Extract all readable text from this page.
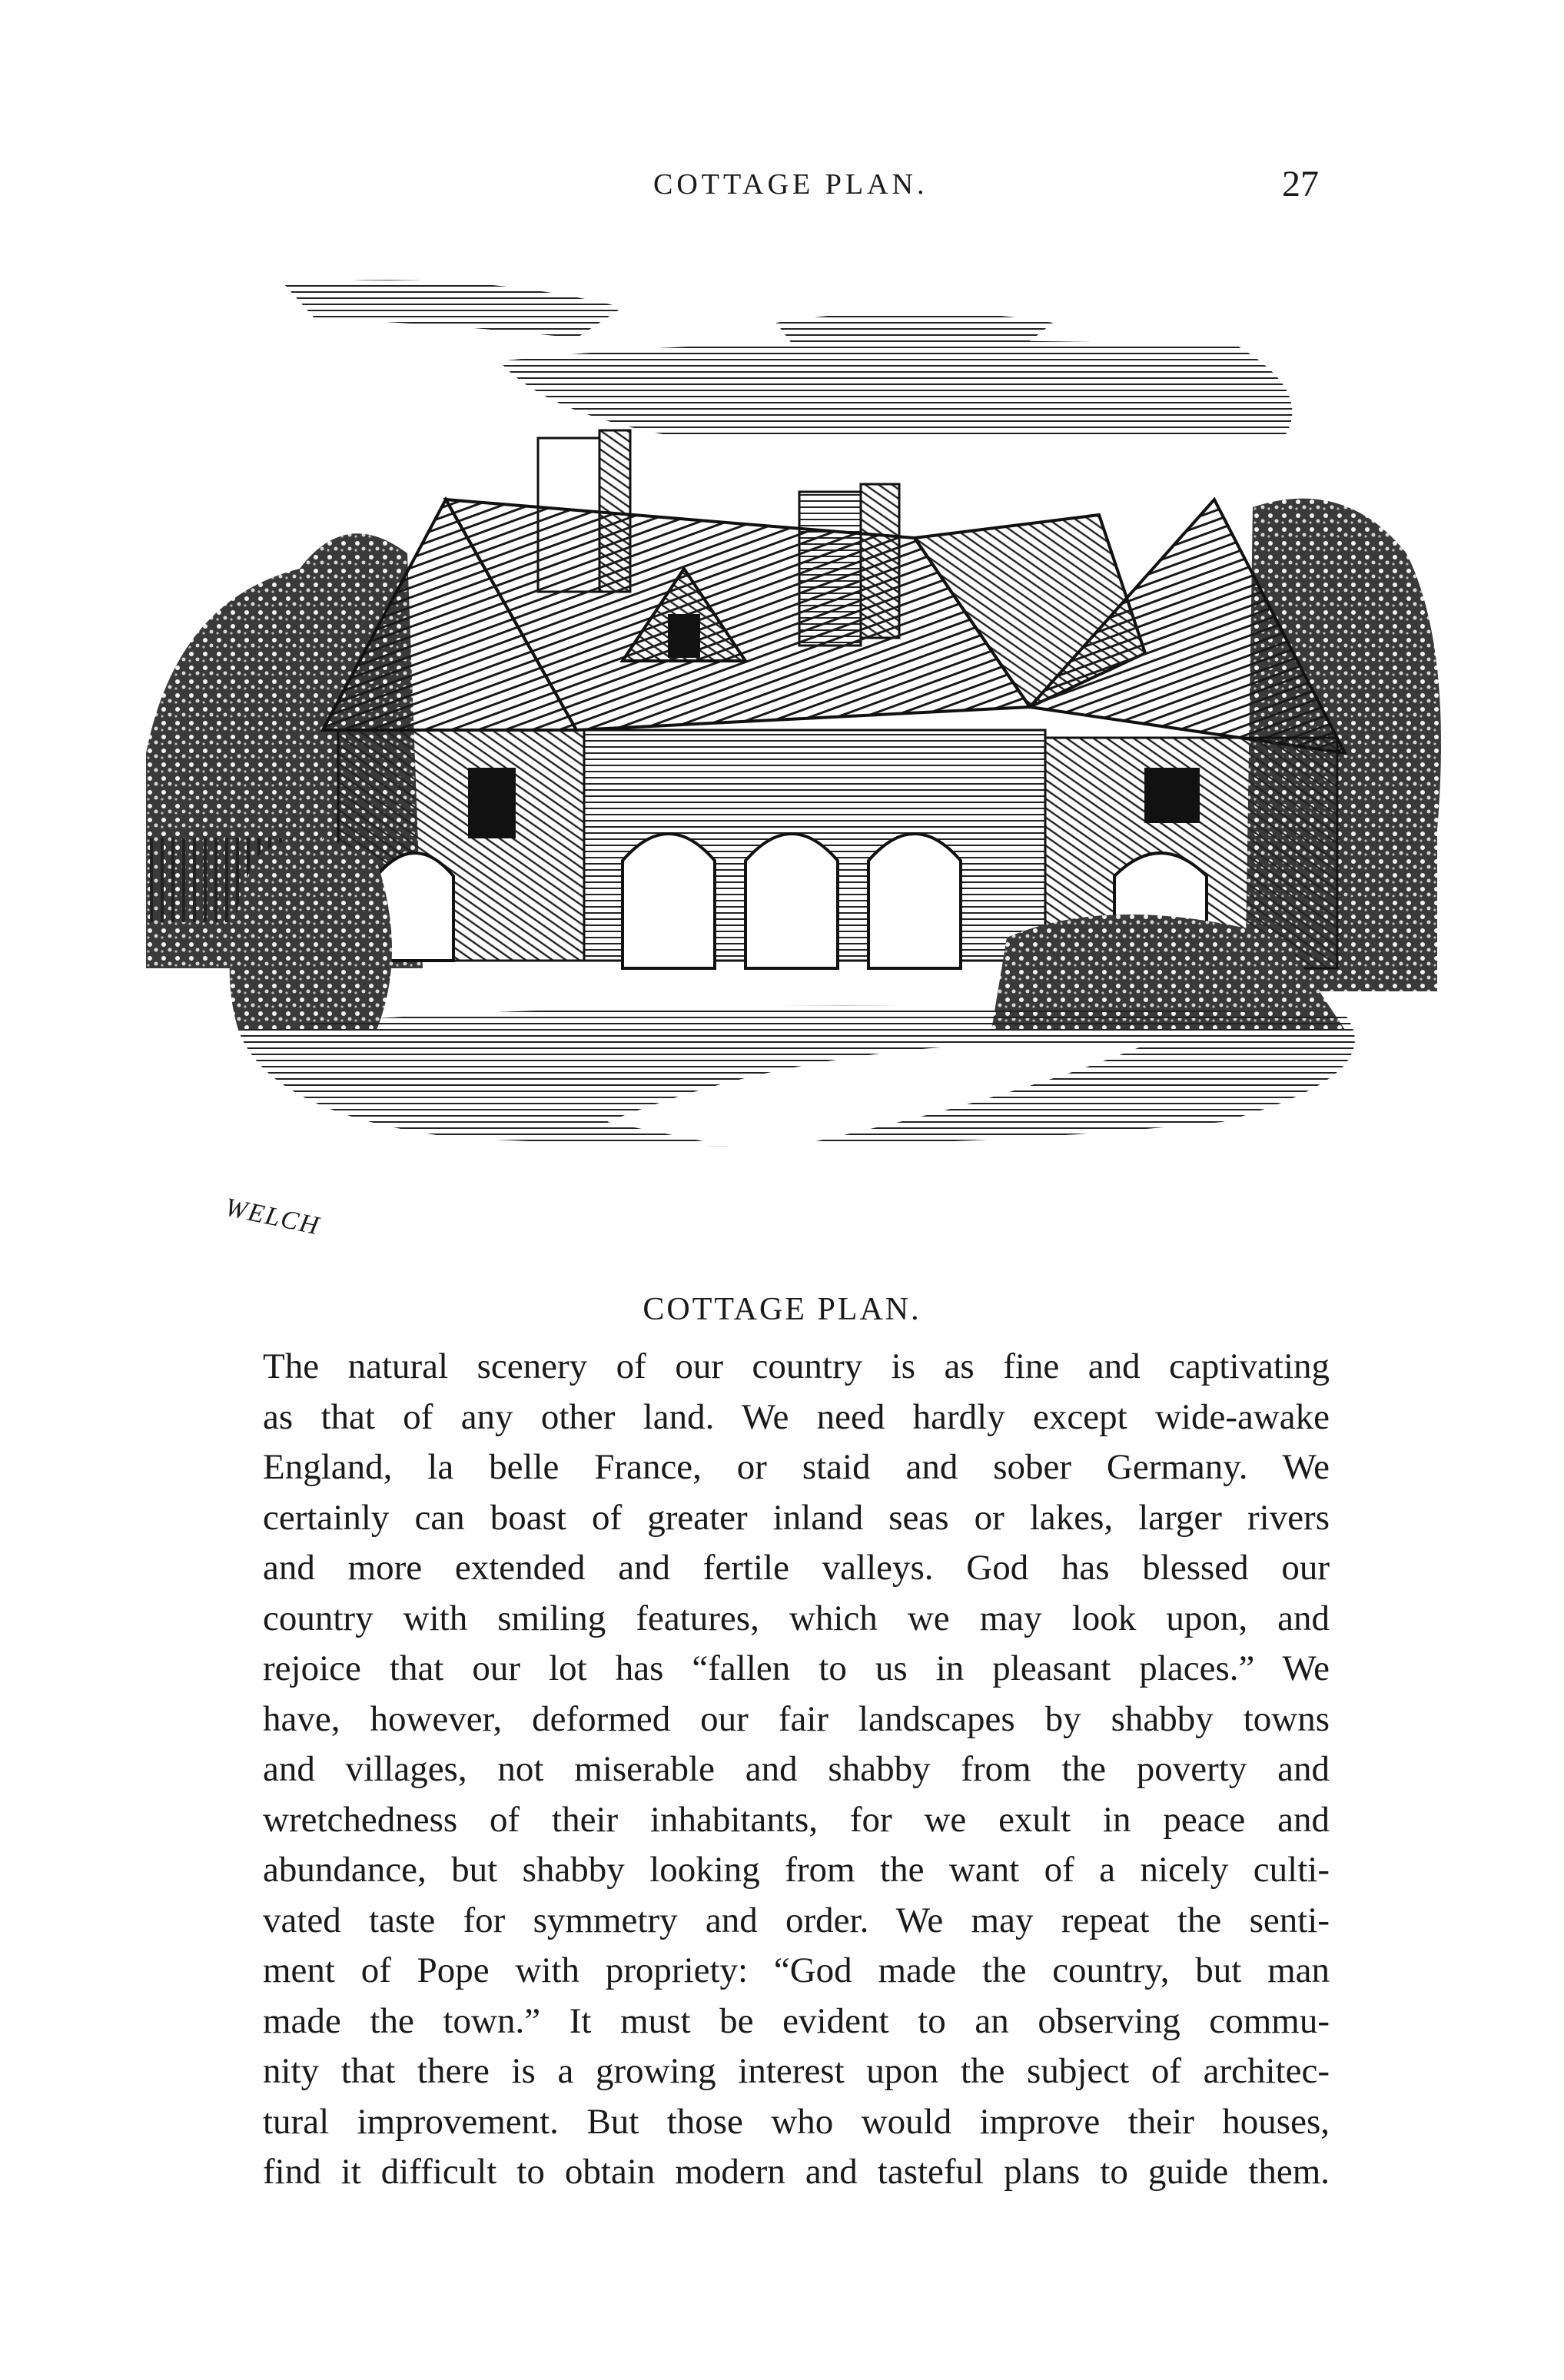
COTTAGE PLAN.	27
WELCH
COTTAGE PLAN.
The natural scenery of our country is as fine and captivating
as that of any other land. We need hardly except wide-awake
England, la belle France, or staid and sober Germany. We
certainly can boast of greater inland seas or lakes, larger rivers
and more extended and fertile valleys. God has blessed our
country with smiling features, which we may look upon, and
rejoice that our lot has “fallen to us in pleasant places.” We
have, however, deformed our fair landscapes by shabby towns
and villages, not miserable and shabby from the poverty and
wretchedness of their inhabitants, for we exult in peace and
abundance, but shabby looking from the want of a nicely culti-
vated taste for symmetry and order. We may repeat the senti-
ment of Pope with propriety: “God made the country, but man
made the town.” It must be evident to an observing commu-
nity that there is a growing interest upon the subject of architec-
tural improvement. But those who would improve their houses,
find it difficult to obtain modern and tasteful plans to guide them.
